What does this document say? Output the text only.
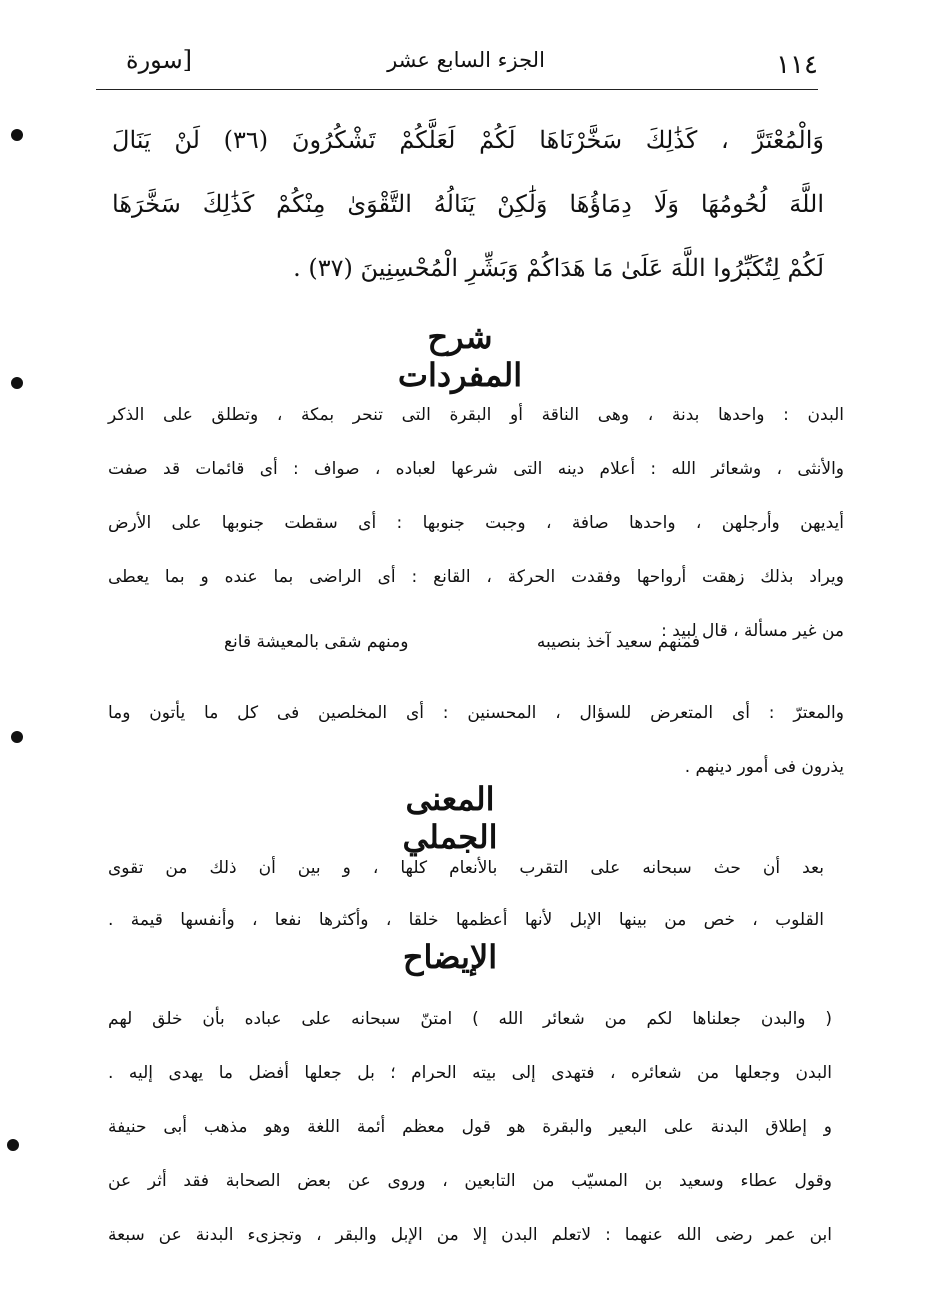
١١٤
الجزء السابع عشر
[سورة
وَالْمُعْتَرَّ ، كَذَٰلِكَ سَخَّرْنَاهَا لَكُمْ لَعَلَّكُمْ تَشْكُرُونَ (٣٦) لَنْ يَنَالَ
اللَّهَ لُحُومُهَا وَلَا دِمَاؤُهَا وَلَٰكِنْ يَنَالُهُ التَّقْوَىٰ مِنْكُمْ كَذَٰلِكَ سَخَّرَهَا
لَكُمْ لِتُكَبِّرُوا اللَّهَ عَلَىٰ مَا هَدَاكُمْ وَبَشِّرِ الْمُحْسِنِينَ (٣٧) .
شرح المفردات
البدن : واحدها بدنة ، وهى الناقة أو البقرة التى تنحر بمكة ، وتطلق على الذكر
والأنثى ، وشعائر الله : أعلام دينه التى شرعها لعباده ، صواف : أى قائمات قد صفت
أيديهن وأرجلهن ، واحدها صافة ، وجبت جنوبها : أى سقطت جنوبها على الأرض
ويراد بذلك زهقت أرواحها وفقدت الحركة ، القانع : أى الراضى بما عنده و بما يعطى
من غير مسألة ، قال لبيد :
فمنهم سعيد آخذ بنصيبه
ومنهم شقى بالمعيشة قانع
والمعترّ : أى المتعرض للسؤال ، المحسنين : أى المخلصين فى كل ما يأتون وما
يذرون فى أمور دينهم .
المعنى الجملي
بعد أن حث سبحانه على التقرب بالأنعام كلها ، و بين أن ذلك من تقوى
القلوب ، خص من بينها الإبل لأنها أعظمها خلقا ، وأكثرها نفعا ، وأنفسها قيمة .
الإيضاح
( والبدن جعلناها لكم من شعائر الله ) امتنّ سبحانه على عباده بأن خلق لهم
البدن وجعلها من شعائره ، فتهدى إلى بيته الحرام ؛ بل جعلها أفضل ما يهدى إليه .
و إطلاق البدنة على البعير والبقرة هو قول معظم أئمة اللغة وهو مذهب أبى حنيفة
وقول عطاء وسعيد بن المسيّب من التابعين ، وروى عن بعض الصحابة فقد أثر عن
ابن عمر رضى الله عنهما : لاتعلم البدن إلا من الإبل والبقر ، وتجزىء البدنة عن سبعة
